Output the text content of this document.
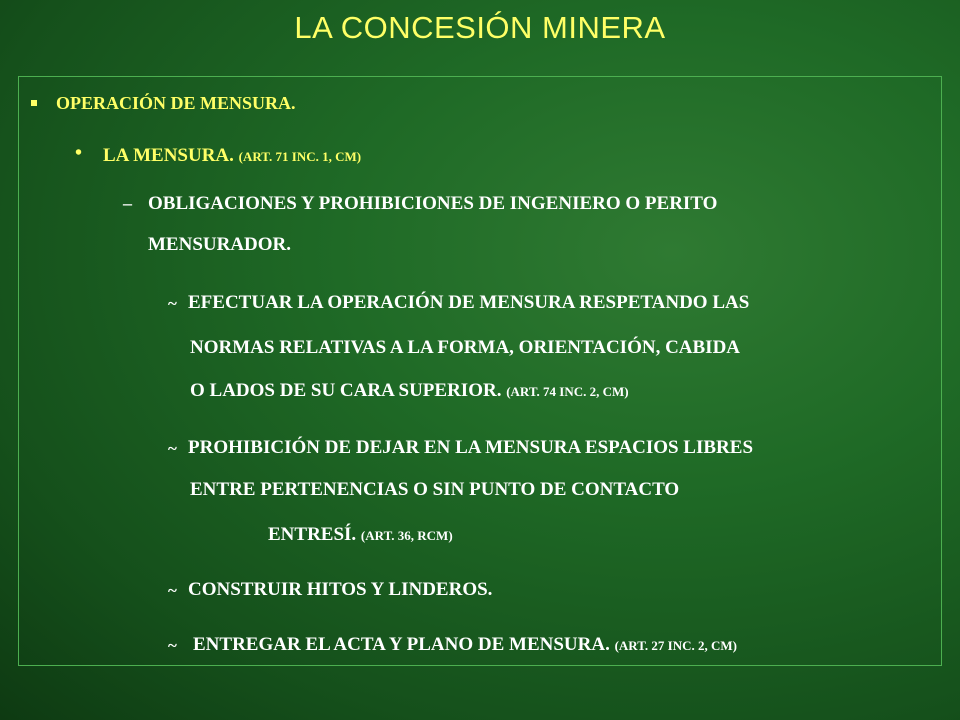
LA CONCESIÓN MINERA
OPERACIÓN DE MENSURA.
• LA MENSURA. (ART. 71 INC. 1, CM)
– OBLIGACIONES Y PROHIBICIONES DE INGENIERO O PERITO
MENSURADOR.
~ EFECTUAR LA OPERACIÓN DE MENSURA RESPETANDO LAS
NORMAS RELATIVAS A LA FORMA, ORIENTACIÓN, CABIDA
O LADOS DE SU CARA SUPERIOR. (ART. 74 INC. 2, CM)
~ PROHIBICIÓN DE DEJAR EN LA MENSURA ESPACIOS LIBRES
ENTRE PERTENENCIAS O SIN PUNTO DE CONTACTO
ENTRESÍ. (ART. 36, RCM)
~ CONSTRUIR HITOS Y LINDEROS.
~ ENTREGAR EL ACTA Y PLANO DE MENSURA. (ART. 27 INC. 2, CM)
